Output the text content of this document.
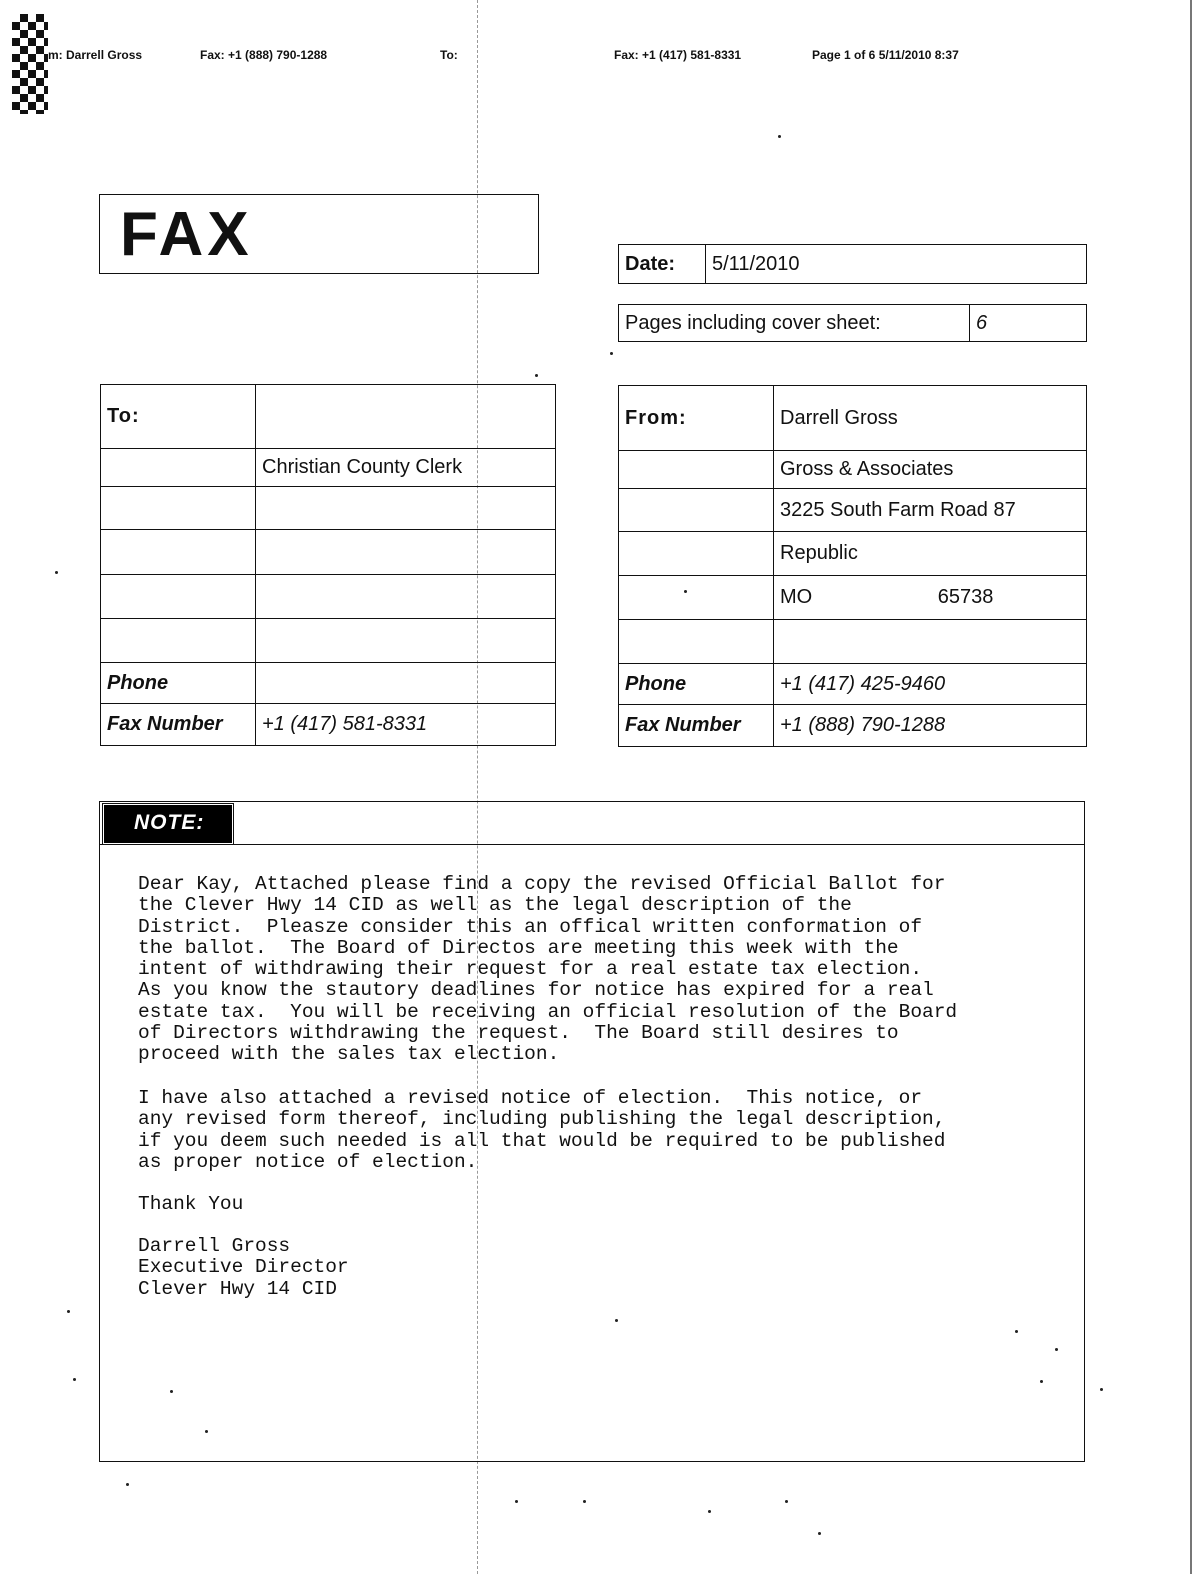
m: Darrell Gross	Fax: +1 (888) 790-1288	To:	Fax: +1 (417) 581-8331	Page 1 of 6 5/11/2010 8:37
FAX	Date:	5/11/2010
Pages including cover sheet:	6
To:	
	Christian County Clerk

Phone	
Fax Number	+1 (417) 581-8331
From:	Darrell Gross
	Gross & Associates
	3225 South Farm Road 87
	Republic
	MO 65738

Phone	+1 (417) 425-9460
Fax Number	+1 (888) 790-1288
NOTE:
Dear Kay, Attached please find a copy the revised Official Ballot for
the Clever Hwy 14 CID as well as the legal description of the
District.  Pleasze consider this an offical written conformation of
the ballot.  The Board of Directos are meeting this week with the
intent of withdrawing their request for a real estate tax election.
As you know the stautory deadlines for notice has expired for a real
estate tax.  You will be receiving an official resolution of the Board
of Directors withdrawing the request.  The Board still desires to
proceed with the sales tax election.
I have also attached a revised notice of election.  This notice, or
any revised form thereof, including publishing the legal description,
if you deem such needed is all that would be required to be published
as proper notice of election.
Thank You
Darrell Gross
Executive Director
Clever Hwy 14 CID
